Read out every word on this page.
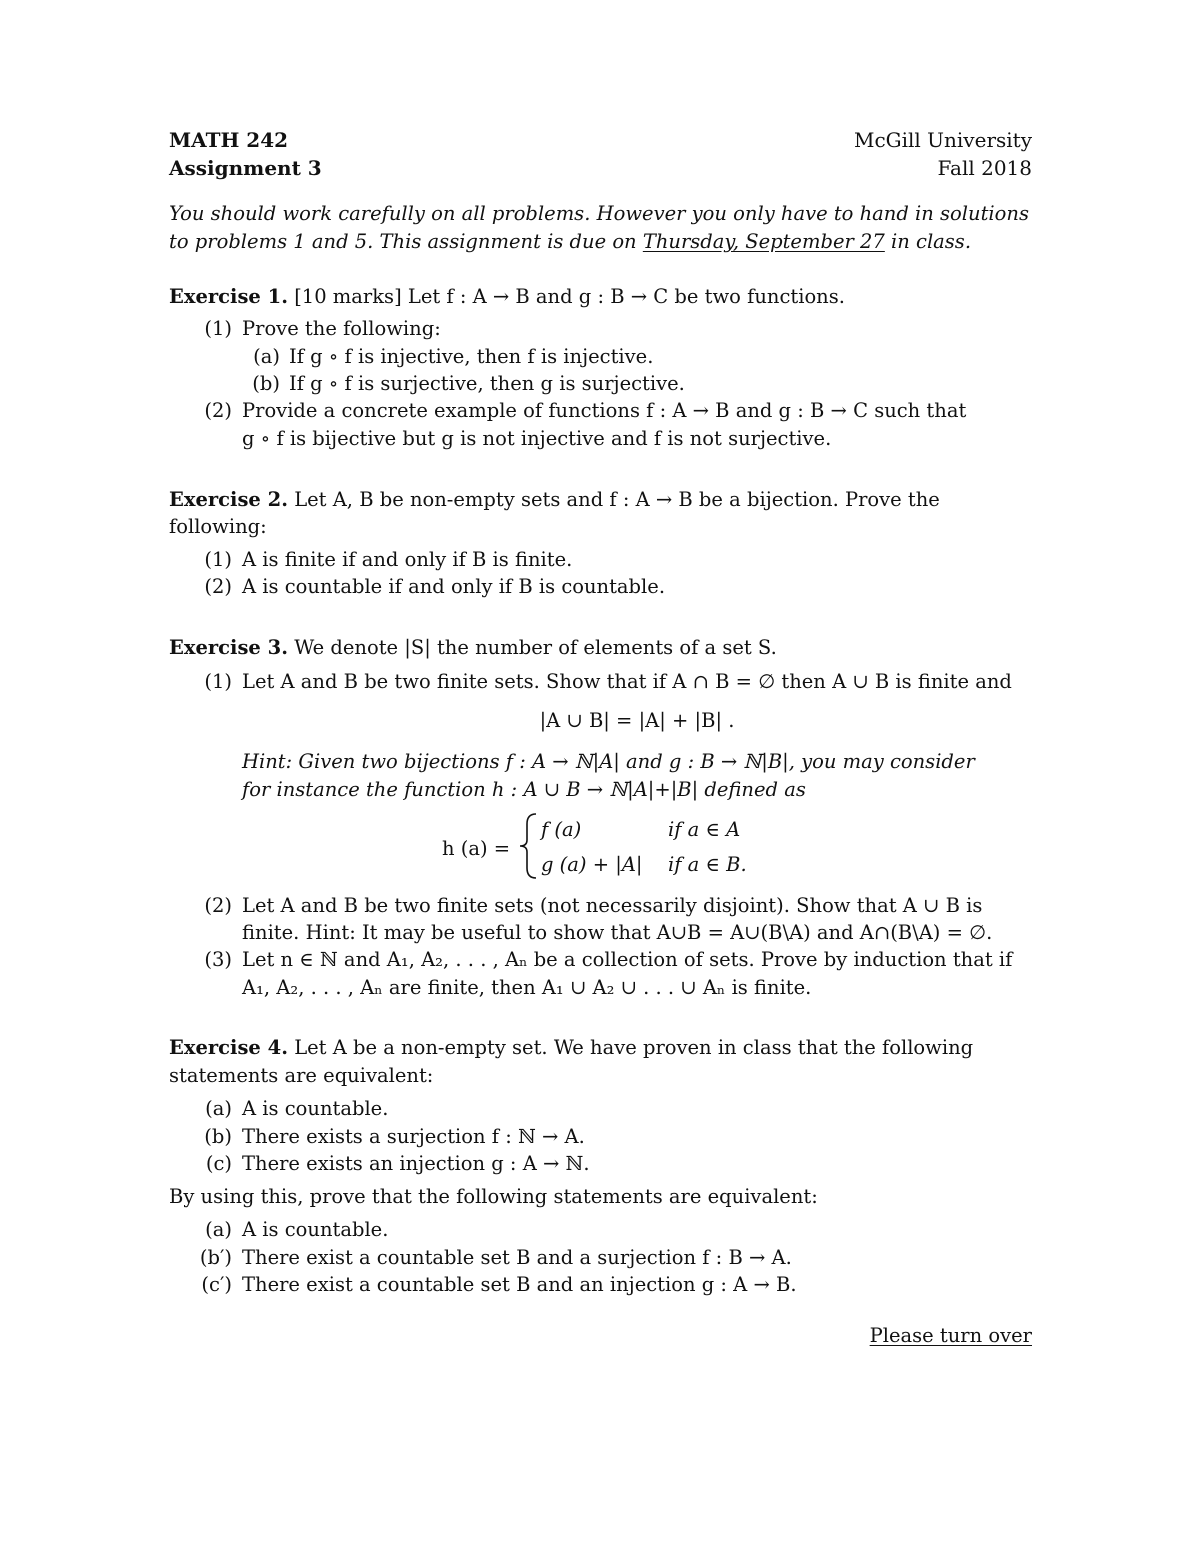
MATH 242
Assignment 3
McGill University
Fall 2018
You should work carefully on all problems. However you only have to hand in solutions
to problems 1 and 5. This assignment is due on Thursday, September 27 in class.
Exercise 1. [10 marks] Let f : A → B and g : B → C be two functions.
(1) Prove the following:
(a) If g ∘ f is injective, then f is injective.
(b) If g ∘ f is surjective, then g is surjective.
(2) Provide a concrete example of functions f : A → B and g : B → C such that
g ∘ f is bijective but g is not injective and f is not surjective.
Exercise 2. Let A, B be non-empty sets and f : A → B be a bijection. Prove the
following:
(1) A is finite if and only if B is finite.
(2) A is countable if and only if B is countable.
Exercise 3. We denote |S| the number of elements of a set S.
(1) Let A and B be two finite sets. Show that if A ∩ B = ∅ then A ∪ B is finite and
|A ∪ B| = |A| + |B| .
Hint: Given two bijections f : A → ℕ|A| and g : B → ℕ|B|, you may consider
for instance the function h : A ∪ B → ℕ|A|+|B| defined as
h (a) =
f (a)	if a ∈ A
g (a) + |A| if a ∈ B.
(2) Let A and B be two finite sets (not necessarily disjoint). Show that A ∪ B is
finite. Hint: It may be useful to show that A∪B = A∪(B\A) and A∩(B\A) = ∅.
(3) Let n ∈ ℕ and A₁, A₂, . . . , Aₙ be a collection of sets. Prove by induction that if
A₁, A₂, . . . , Aₙ are finite, then A₁ ∪ A₂ ∪ . . . ∪ Aₙ is finite.
Exercise 4. Let A be a non-empty set. We have proven in class that the following
statements are equivalent:
(a) A is countable.
(b) There exists a surjection f : ℕ → A.
(c) There exists an injection g : A → ℕ.
By using this, prove that the following statements are equivalent:
(a) A is countable.
(b′) There exist a countable set B and a surjection f : B → A.
(c′) There exist a countable set B and an injection g : A → B.
Please turn over
